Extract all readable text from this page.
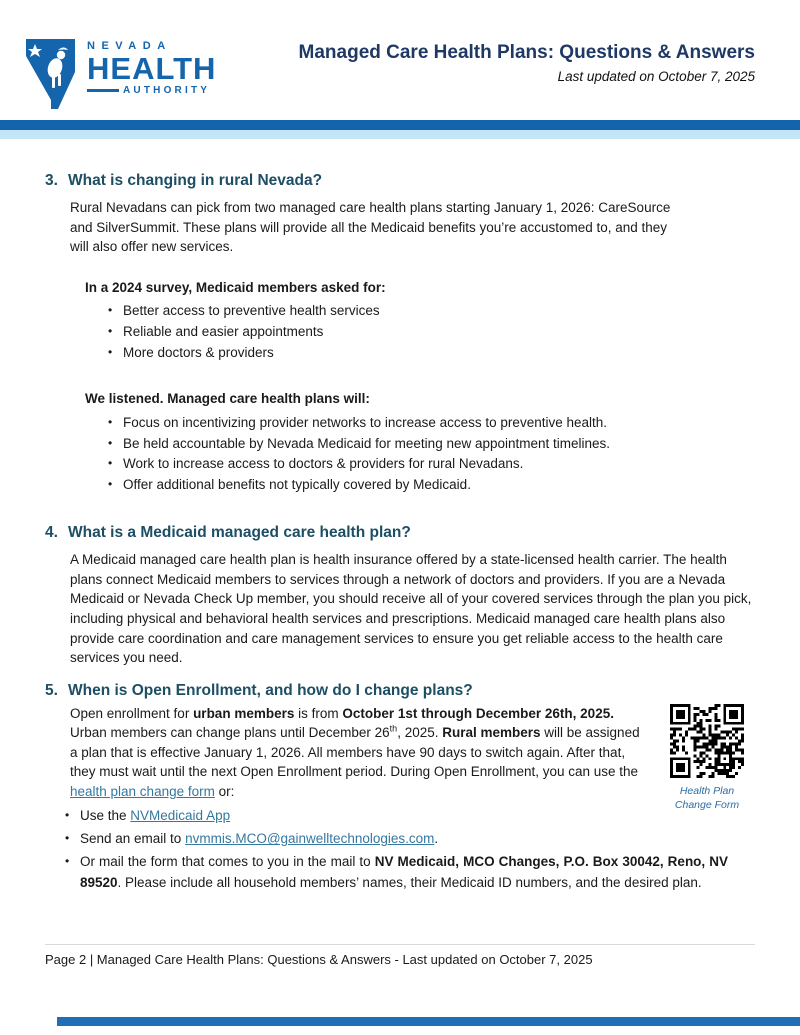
NEVADA
HEALTH
AUTHORITY
Managed Care Health Plans: Questions & Answers
Last updated on October 7, 2025
3. What is changing in rural Nevada?
Rural Nevadans can pick from two managed care health plans starting January 1, 2026: CareSource and SilverSummit. These plans will provide all the Medicaid benefits you’re accustomed to, and they will also offer new services.
In a 2024 survey, Medicaid members asked for:
• Better access to preventive health services
• Reliable and easier appointments
• More doctors & providers
We listened. Managed care health plans will:
• Focus on incentivizing provider networks to increase access to preventive health.
• Be held accountable by Nevada Medicaid for meeting new appointment timelines.
• Work to increase access to doctors & providers for rural Nevadans.
• Offer additional benefits not typically covered by Medicaid.
4. What is a Medicaid managed care health plan?
A Medicaid managed care health plan is health insurance offered by a state-licensed health carrier. The health plans connect Medicaid members to services through a network of doctors and providers. If you are a Nevada Medicaid or Nevada Check Up member, you should receive all of your covered services through the plan you pick, including physical and behavioral health services and prescriptions. Medicaid managed care health plans also provide care coordination and care management services to ensure you get reliable access to the health care services you need.
5. When is Open Enrollment, and how do I change plans?
Health Plan
Change Form
Open enrollment for urban members is from October 1st through December 26th, 2025. Urban members can change plans until December 26th, 2025. Rural members will be assigned a plan that is effective January 1, 2026. All members have 90 days to switch again. After that, they must wait until the next Open Enrollment period. During Open Enrollment, you can use the health plan change form or:
• Use the NVMedicaid App
• Send an email to nvmmis.MCO@gainwelltechnologies.com.
• Or mail the form that comes to you in the mail to NV Medicaid, MCO Changes, P.O. Box 30042, Reno, NV 89520. Please include all household members’ names, their Medicaid ID numbers, and the desired plan.
Page 2 | Managed Care Health Plans: Questions & Answers - Last updated on October 7, 2025
